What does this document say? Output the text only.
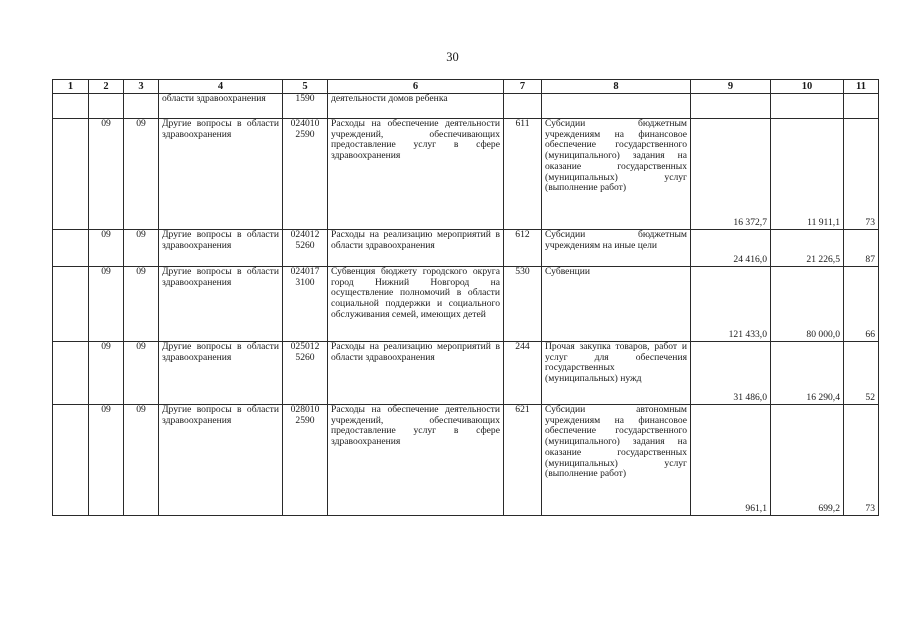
30
1	2	3	4	5	6	7	8	9	10	11
			области здравоохранения	1590	деятельности домов ребенка					
	09	09	Другие вопросы в области здравоохранения	024010 2590	Расходы на обеспечение деятельности учреждений, обеспечивающих предоставление услуг в сфере здравоохранения	611	Субсидии бюджетным учреждениям на финансовое обеспечение государственного (муниципального) задания на оказание государственных (муниципальных) услуг (выполнение работ)	16 372,7	11 911,1	73
	09	09	Другие вопросы в области здравоохранения	024012 5260	Расходы на реализацию мероприятий в области здравоохранения	612	Субсидии бюджетным учреждениям на иные цели	24 416,0	21 226,5	87
	09	09	Другие вопросы в области здравоохранения	024017 3100	Субвенция бюджету городского округа город Нижний Новгород на осуществление полномочий в области социальной поддержки и социального обслуживания семей, имеющих детей	530	Субвенции	121 433,0	80 000,0	66
	09	09	Другие вопросы в области здравоохранения	025012 5260	Расходы на реализацию мероприятий в области здравоохранения	244	Прочая закупка товаров, работ и услуг для обеспечения государственных (муниципальных) нужд	31 486,0	16 290,4	52
	09	09	Другие вопросы в области здравоохранения	028010 2590	Расходы на обеспечение деятельности учреждений, обеспечивающих предоставление услуг в сфере здравоохранения	621	Субсидии автономным учреждениям на финансовое обеспечение государственного (муниципального) задания на оказание государственных (муниципальных) услуг (выполнение работ)	961,1	699,2	73
